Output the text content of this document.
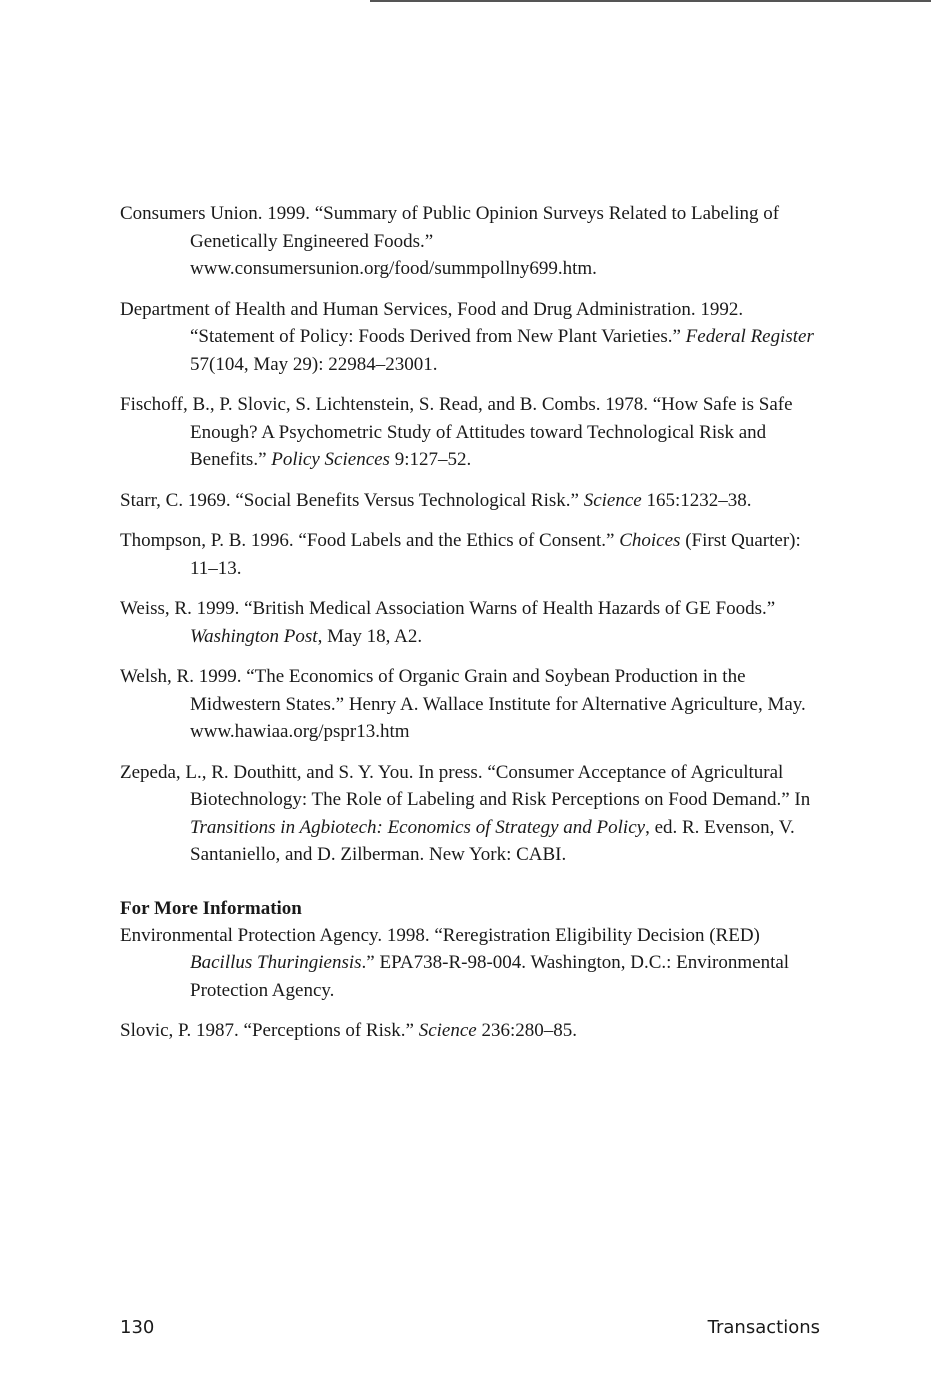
Consumers Union. 1999. “Summary of Public Opinion Surveys Related to Labeling of Genetically Engineered Foods.” www.consumersunion.org/food/summpollny699.htm.

Department of Health and Human Services, Food and Drug Administration. 1992. “Statement of Policy: Foods Derived from New Plant Varieties.” Federal Register 57(104, May 29): 22984–23001.

Fischoff, B., P. Slovic, S. Lichtenstein, S. Read, and B. Combs. 1978. “How Safe is Safe Enough? A Psychometric Study of Attitudes toward Technological Risk and Benefits.” Policy Sciences 9:127–52.

Starr, C. 1969. “Social Benefits Versus Technological Risk.” Science 165:1232–38.

Thompson, P. B. 1996. “Food Labels and the Ethics of Consent.” Choices (First Quarter): 11–13.

Weiss, R. 1999. “British Medical Association Warns of Health Hazards of GE Foods.” Washington Post, May 18, A2.

Welsh, R. 1999. “The Economics of Organic Grain and Soybean Production in the Midwestern States.” Henry A. Wallace Institute for Alternative Agriculture, May. www.hawiaa.org/pspr13.htm

Zepeda, L., R. Douthitt, and S. Y. You. In press. “Consumer Acceptance of Agricultural Biotechnology: The Role of Labeling and Risk Perceptions on Food Demand.” In Transitions in Agbiotech: Economics of Strategy and Policy, ed. R. Evenson, V. Santaniello, and D. Zilberman. New York: CABI.

For More Information

Environmental Protection Agency. 1998. “Reregistration Eligibility Decision (RED) Bacillus Thuringiensis.” EPA738-R-98-004. Washington, D.C.: Environmental Protection Agency.

Slovic, P. 1987. “Perceptions of Risk.” Science 236:280–85.

130	Transactions
